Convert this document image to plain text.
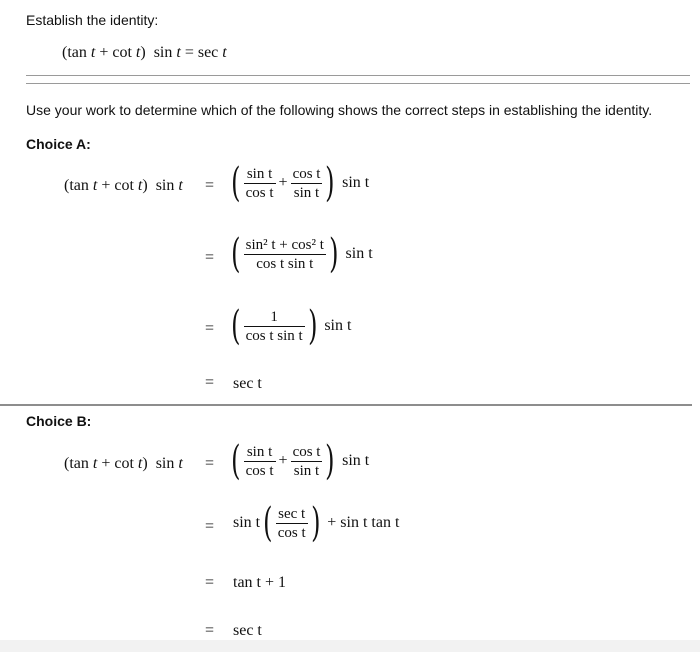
Establish the identity:
(tan t + cot t)  sin t = sec t
Use your work to determine which of the following shows the correct steps in establishing the identity.
Choice A:
(tan t + cot t)  sin t = ( $\frac{\text{sin t}}{\text{cos t}} + \frac{\text{cos t}}{\text{sin t}}$ ) sin t
= ( $\frac{\text{sin² t + cos² t}}{\text{cos t sin t}}$ ) sin t
= ( $\frac{1}{\text{cos t sin t}}$ ) sin t
= sec t
Choice B:
(tan t + cot t)  sin t = ( $\frac{\text{sin t}}{\text{cos t}} + \frac{\text{cos t}}{\text{sin t}}$ ) sin t
= $\sin t( \frac{\text{sec t}}{\text{cos t}}$ ) + sin t tan t
= tan t + 1
= sec t
